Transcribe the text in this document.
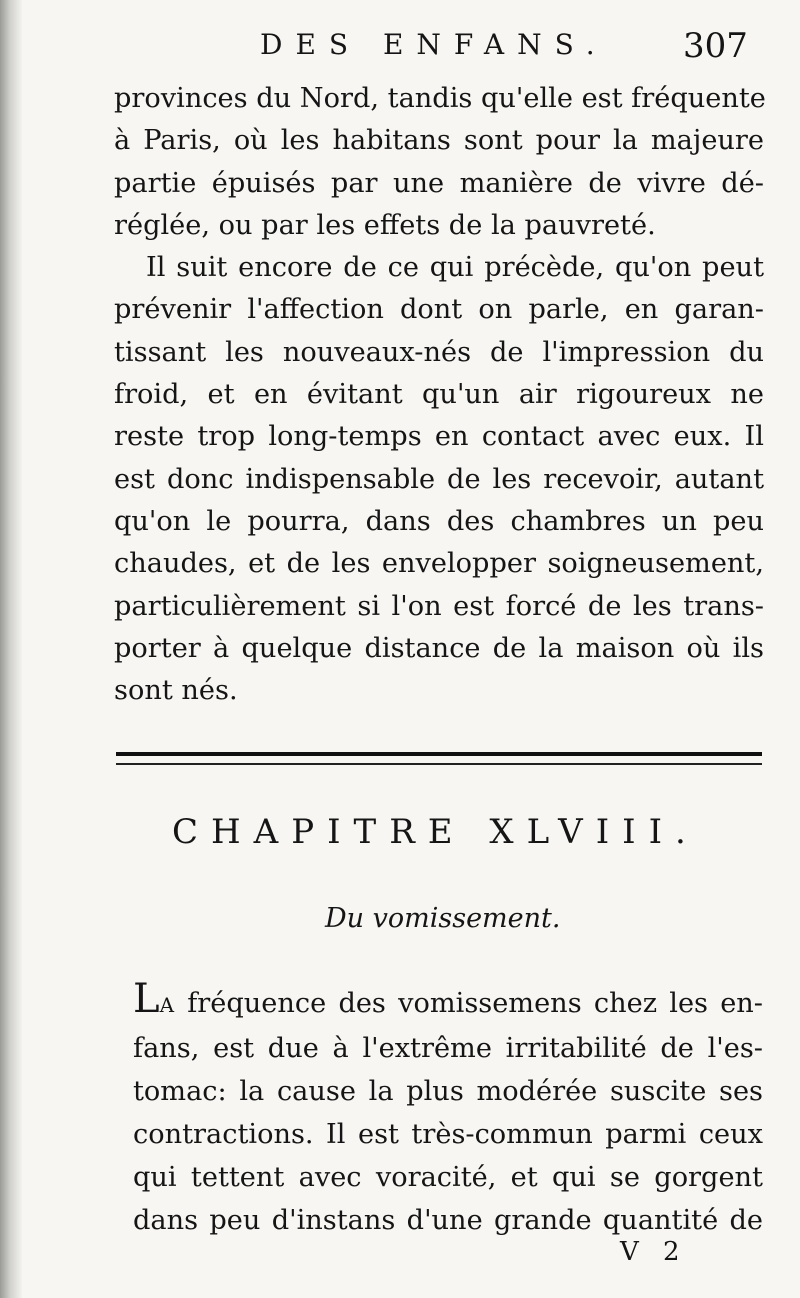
DES ENFANS. 307
provinces du Nord, tandis qu'elle est fréquente
à Paris, où les habitans sont pour la majeure
partie épuisés par une manière de vivre dé-
réglée, ou par les effets de la pauvreté.
Il suit encore de ce qui précède, qu'on peut
prévenir l'affection dont on parle, en garan-
tissant les nouveaux-nés de l'impression du
froid, et en évitant qu'un air rigoureux ne
reste trop long-temps en contact avec eux. Il
est donc indispensable de les recevoir, autant
qu'on le pourra, dans des chambres un peu
chaudes, et de les envelopper soigneusement,
particulièrement si l'on est forcé de les trans-
porter à quelque distance de la maison où ils
sont nés.
CHAPITRE XLVIII.
Du vomissement.
LA fréquence des vomissemens chez les en-
fans, est due à l'extrême irritabilité de l'es-
tomac: la cause la plus modérée suscite ses
contractions. Il est très-commun parmi ceux
qui tettent avec voracité, et qui se gorgent
dans peu d'instans d'une grande quantité de
V 2
